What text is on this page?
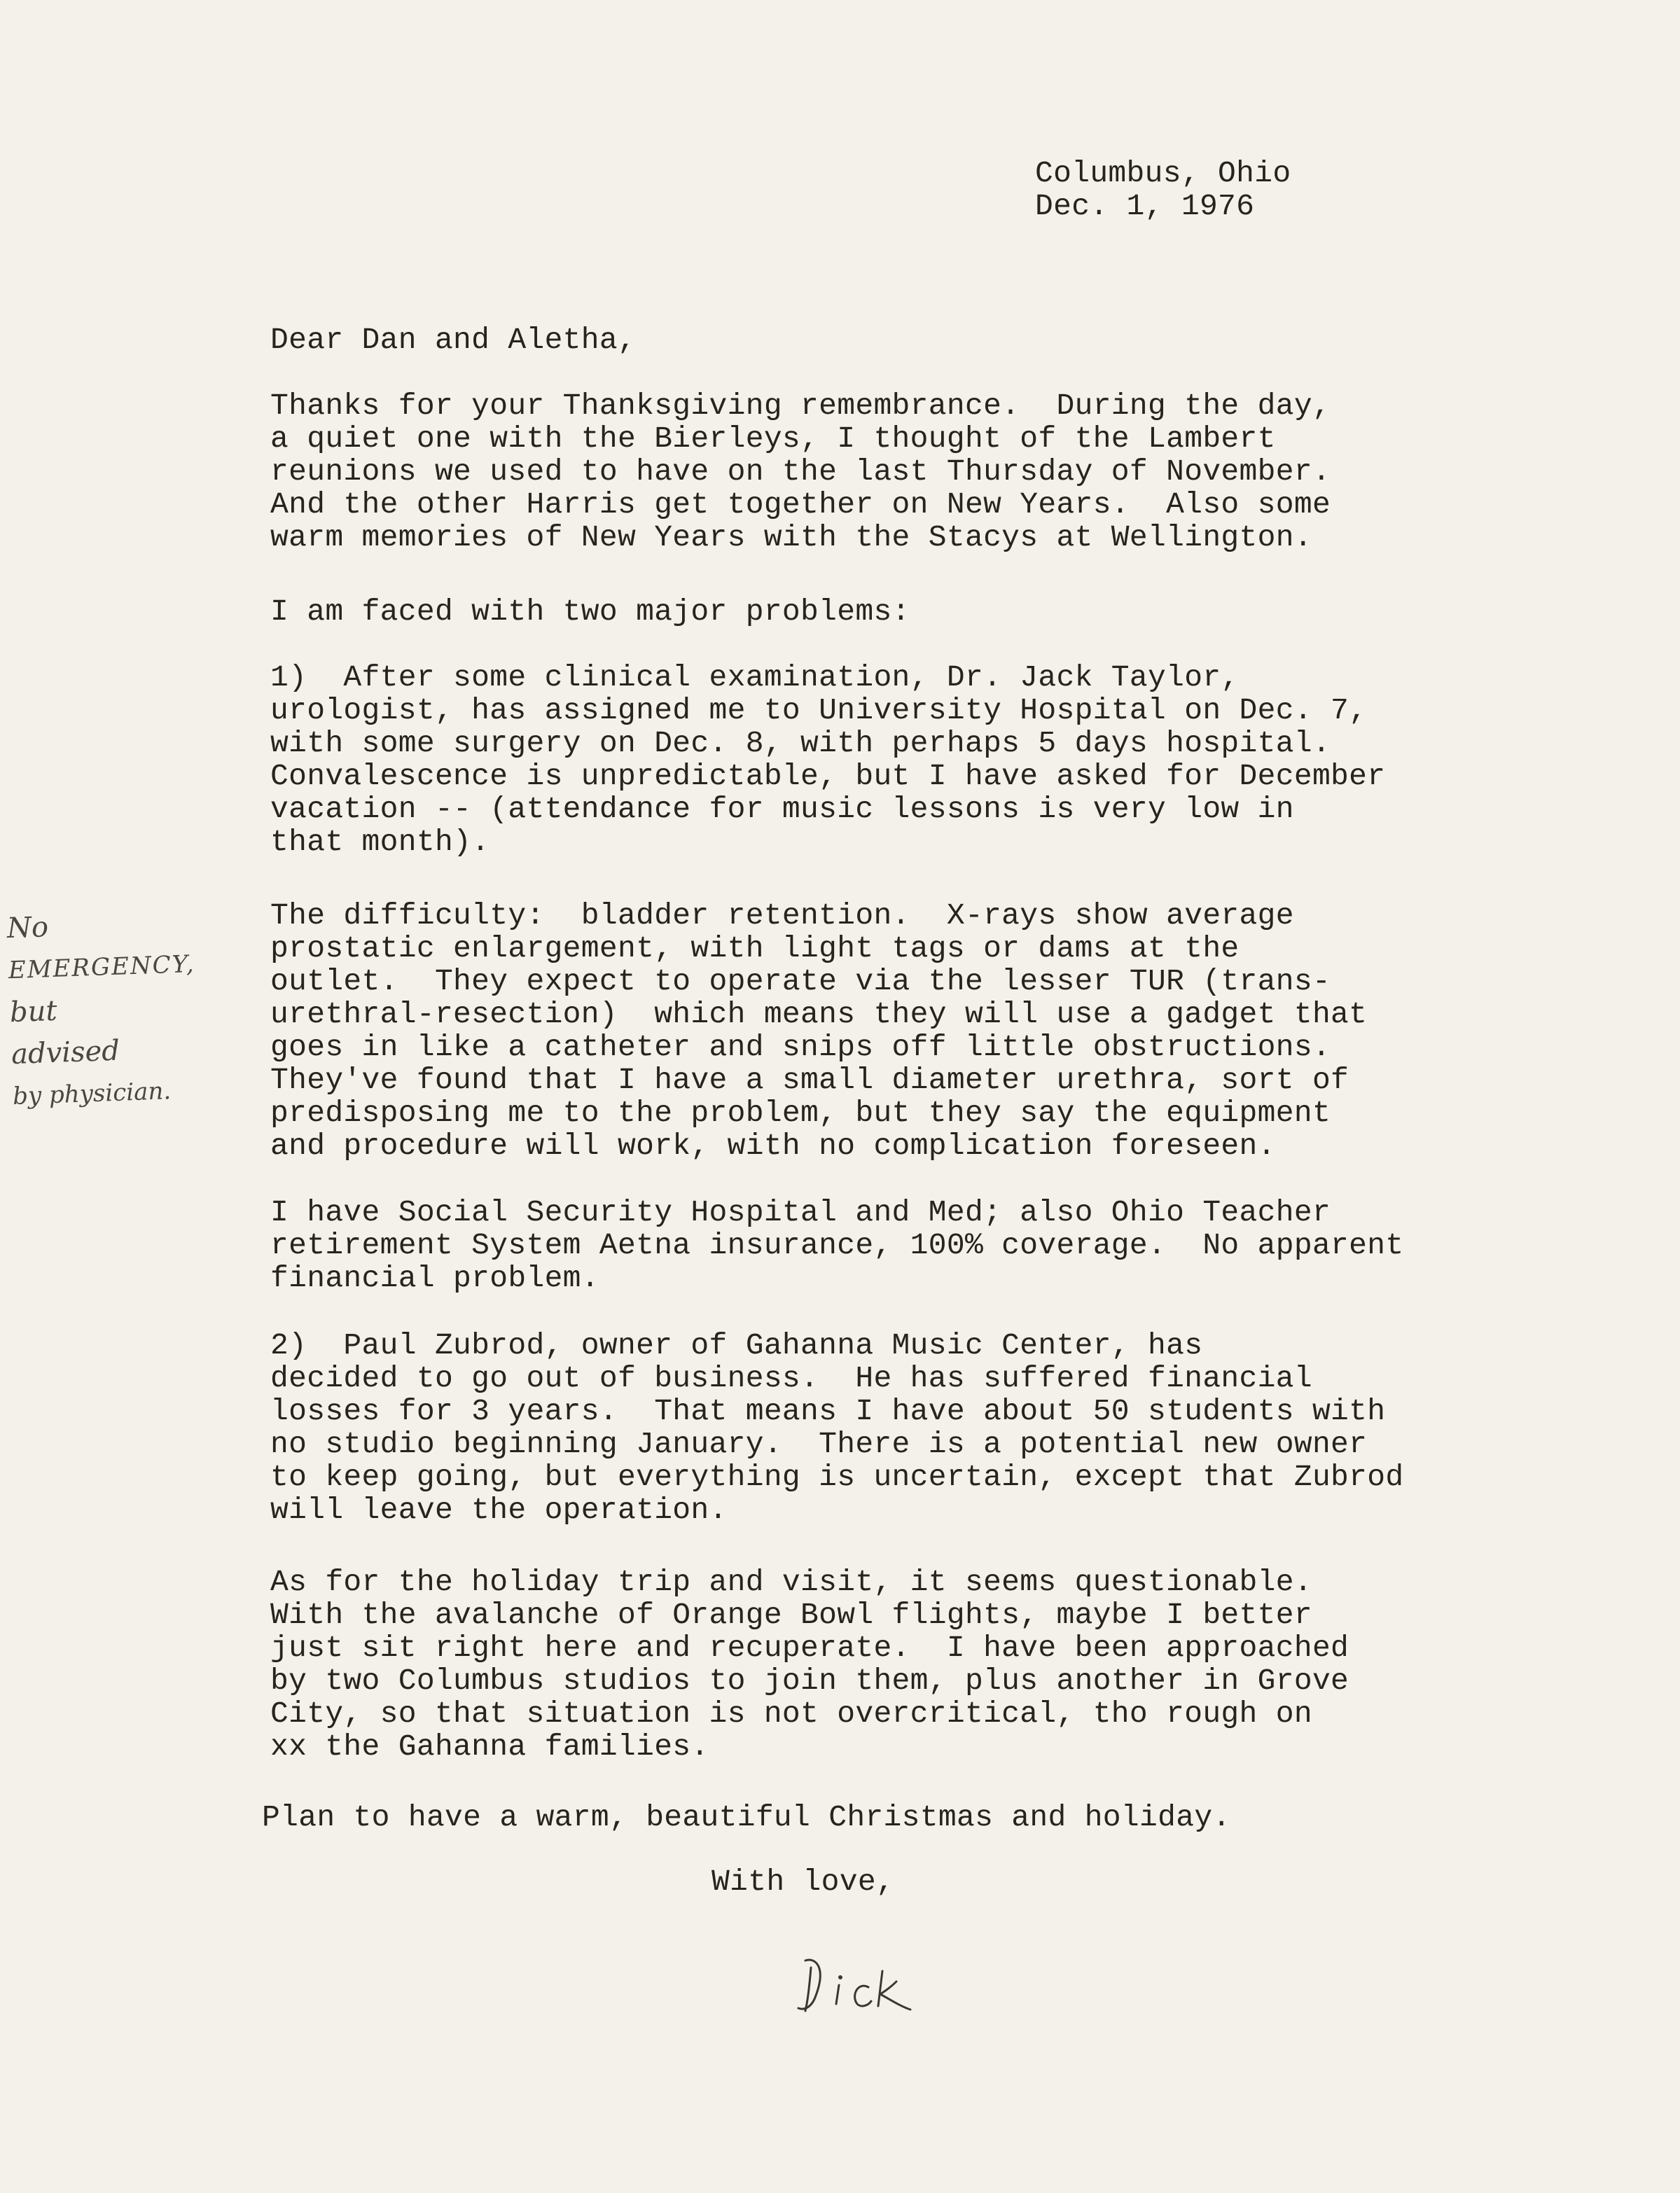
Columbus, Ohio
Dec. 1, 1976
Dear Dan and Aletha,
Thanks for your Thanksgiving remembrance.  During the day,
a quiet one with the Bierleys, I thought of the Lambert
reunions we used to have on the last Thursday of November.
And the other Harris get together on New Years.  Also some
warm memories of New Years with the Stacys at Wellington.
I am faced with two major problems:
1)  After some clinical examination, Dr. Jack Taylor,
urologist, has assigned me to University Hospital on Dec. 7,
with some surgery on Dec. 8, with perhaps 5 days hospital.
Convalescence is unpredictable, but I have asked for December
vacation -- (attendance for music lessons is very low in
that month).
The difficulty:  bladder retention.  X-rays show average
prostatic enlargement, with light tags or dams at the
outlet.  They expect to operate via the lesser TUR (trans-
urethral-resection)  which means they will use a gadget that
goes in like a catheter and snips off little obstructions.
They've found that I have a small diameter urethra, sort of
predisposing me to the problem, but they say the equipment
and procedure will work, with no complication foreseen.
I have Social Security Hospital and Med; also Ohio Teacher
retirement System Aetna insurance, 100% coverage.  No apparent
financial problem.
2)  Paul Zubrod, owner of Gahanna Music Center, has
decided to go out of business.  He has suffered financial
losses for 3 years.  That means I have about 50 students with
no studio beginning January.  There is a potential new owner
to keep going, but everything is uncertain, except that Zubrod
will leave the operation.
As for the holiday trip and visit, it seems questionable.
With the avalanche of Orange Bowl flights, maybe I better
just sit right here and recuperate.  I have been approached
by two Columbus studios to join them, plus another in Grove
City, so that situation is not overcritical, tho rough on
xx the Gahanna families.
Plan to have a warm, beautiful Christmas and holiday.
With love,
No
EMERGENCY,
but
advised
by physician.
